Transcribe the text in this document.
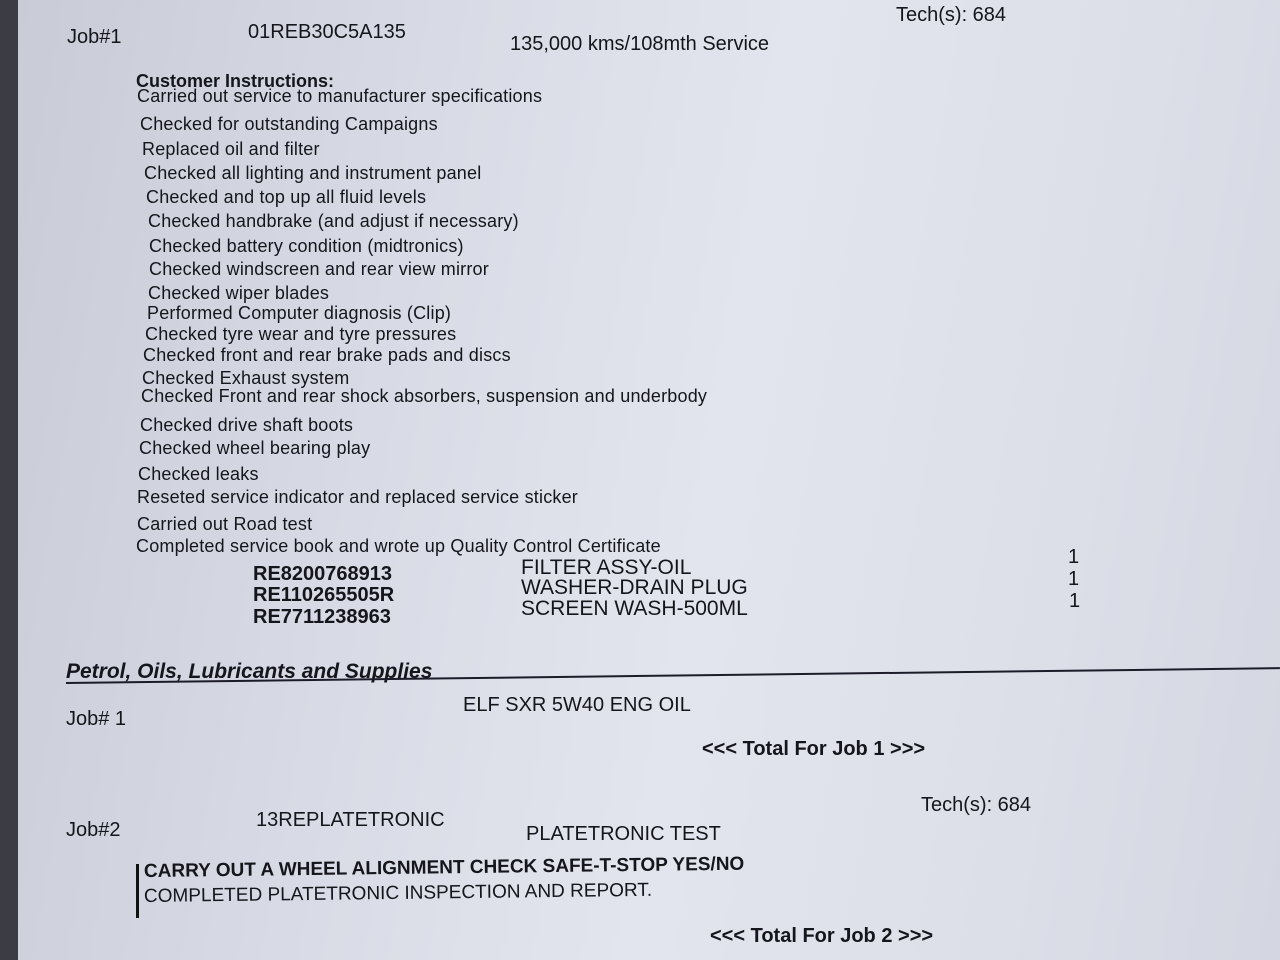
Job#1	01REB30C5A135
Tech(s): 684
135,000 kms/108mth Service
Customer Instructions:
Carried out service to manufacturer specifications
Checked for outstanding Campaigns
Replaced oil and filter
Checked all lighting and instrument panel
Checked and top up all fluid levels
Checked handbrake (and adjust if necessary)
Checked battery condition (midtronics)
Checked windscreen and rear view mirror
Checked wiper blades
Performed Computer diagnosis (Clip)
Checked tyre wear and tyre pressures
Checked front and rear brake pads and discs
Checked Exhaust system
Checked Front and rear shock absorbers, suspension and underbody
Checked drive shaft boots
Checked wheel bearing play
Checked leaks
Reseted service indicator and replaced service sticker
Carried out Road test
Completed service book and wrote up Quality Control Certificate
RE8200768913
RE110265505R
RE7711238963
FILTER ASSY-OIL
WASHER-DRAIN PLUG
SCREEN WASH-500ML
1
1
1
Petrol, Oils, Lubricants and Supplies
Job# 1
ELF SXR 5W40 ENG OIL
<<< Total For Job 1 >>>
Tech(s): 684
Job#2	13REPLATETRONIC
PLATETRONIC TEST
CARRY OUT A WHEEL ALIGNMENT CHECK SAFE-T-STOP YES/NO
COMPLETED PLATETRONIC INSPECTION AND REPORT.
<<< Total For Job 2 >>>
